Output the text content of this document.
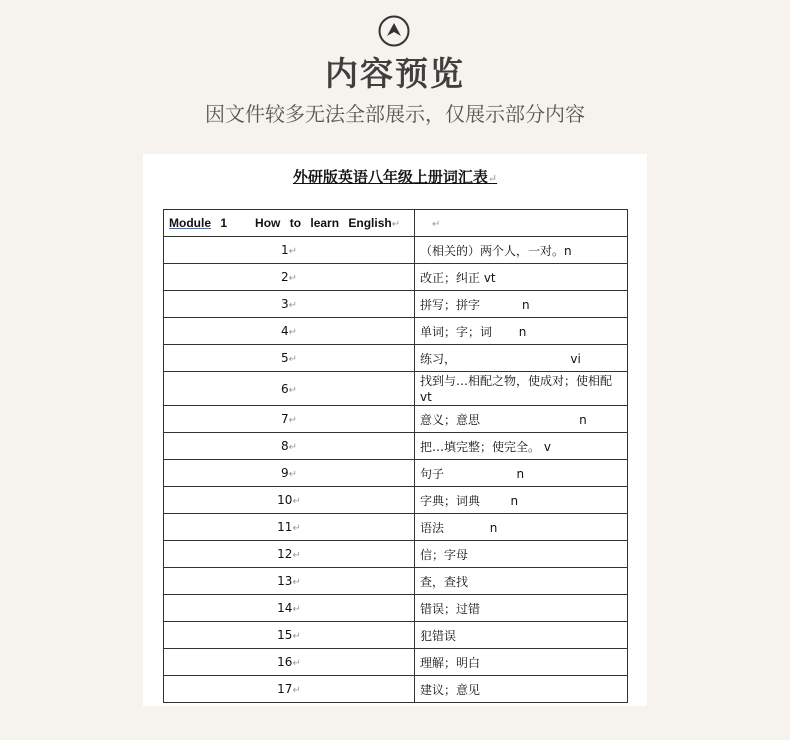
内容预览
因文件较多无法全部展示，仅展示部分内容
外研版英语八年级上册词汇表↵
Module 1 How to learn English↵	↵
1↵	（相关的）两个人，一对。n
2↵	改正；纠正 vt
3↵	拼写；拼字           n
4↵	单词；字；词       n
5↵	练习，                              vi
6↵	找到与…相配之物，使成对；使相配 vt
7↵	意义；意思                          n
8↵	把…填完整；使完全。 v
9↵	句子                   n
10↵	字典；词典        n
11↵	语法            n
12↵	信；字母
13↵	查，查找
14↵	错误；过错
15↵	犯错误
16↵	理解；明白
17↵	建议；意见
